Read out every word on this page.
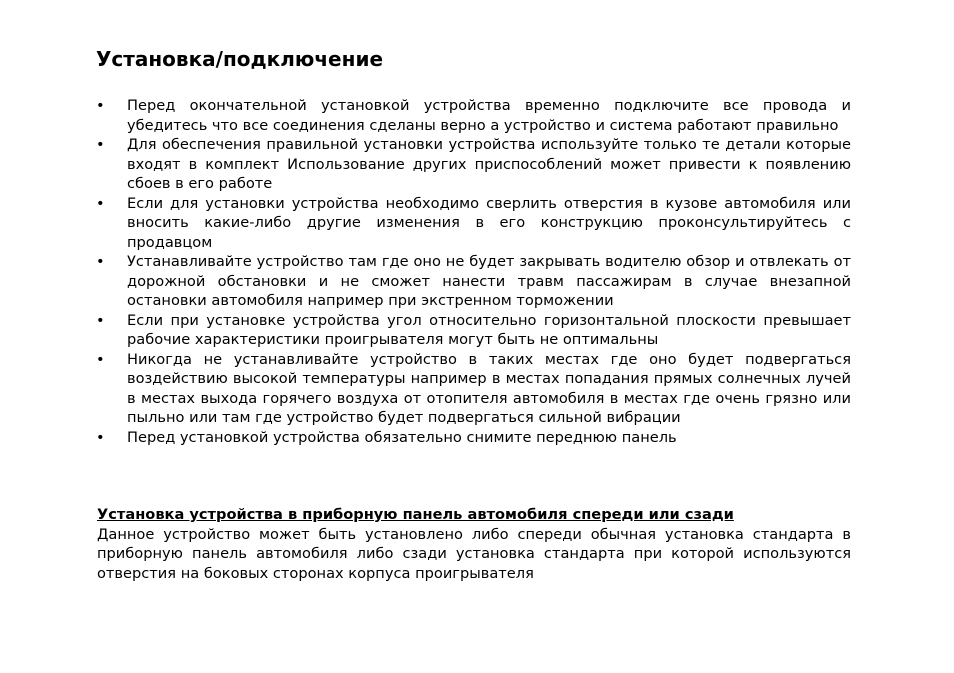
Установка/подключение
•	Перед окончательной установкой устройства временно подключите все провода и убедитесь что все соединения сделаны верно а устройство и система работают правильно
•	Для обеспечения правильной установки устройства используйте только те детали которые входят в комплект Использование других приспособлений может привести к появлению сбоев в его работе
•	Если для установки устройства необходимо сверлить отверстия в кузове автомобиля или вносить какие-либо другие изменения в его конструкцию проконсультируйтесь с продавцом
•	Устанавливайте устройство там где оно не будет закрывать водителю обзор и отвлекать от дорожной обстановки и не сможет нанести травм пассажирам в случае внезапной остановки автомобиля например при экстренном торможении
•	Если при установке устройства угол относительно горизонтальной плоскости превышает рабочие характеристики проигрывателя могут быть не оптимальны
•	Никогда не устанавливайте устройство в таких местах где оно будет подвергаться воздействию высокой температуры например в местах попадания прямых солнечных лучей в местах выхода горячего воздуха от отопителя автомобиля в местах где очень грязно или пыльно или там где устройство будет подвергаться сильной вибрации
•	Перед установкой устройства обязательно снимите переднюю панель
Установка устройства в приборную панель автомобиля спереди или сзади
Данное устройство может быть установлено либо спереди обычная установка стандарта в приборную панель автомобиля либо сзади установка стандарта при которой используются отверстия на боковых сторонах корпуса проигрывателя
